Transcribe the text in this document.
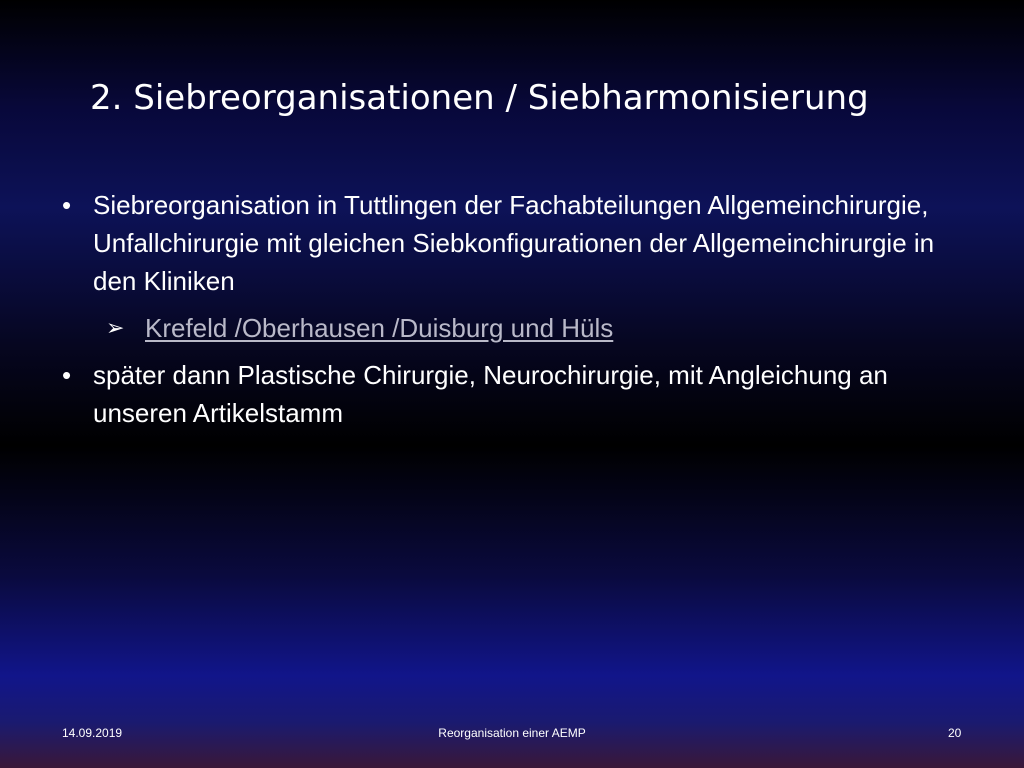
2. Siebreorganisationen / Siebharmonisierung
• Siebreorganisation in Tuttlingen der Fachabteilungen Allgemeinchirurgie, Unfallchirurgie mit gleichen Siebkonfigurationen der Allgemeinchirurgie in den Kliniken
➢ Krefeld /Oberhausen /Duisburg und Hüls
• später dann Plastische Chirurgie, Neurochirurgie, mit Angleichung an unseren Artikelstamm
14.09.2019	Reorganisation einer AEMP	20
